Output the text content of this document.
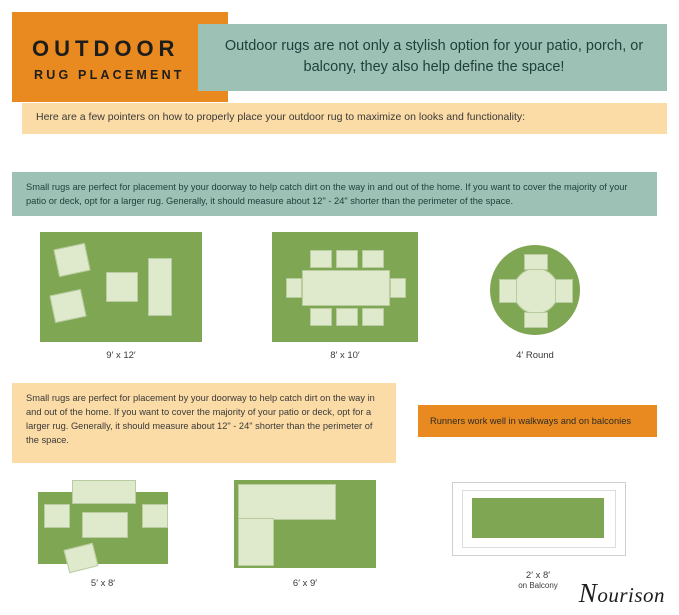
OUTDOOR
RUG PLACEMENT

Outdoor rugs are not only a stylish option for your patio, porch, or balcony, they also help define the space!

Here are a few pointers on how to properly place your outdoor rug to maximize on looks and functionality:

Small rugs are perfect for placement by your doorway to help catch dirt on the way in and out of the home. If you want to cover the majority of your patio or deck, opt for a larger rug. Generally, it should measure about 12" - 24" shorter than the perimeter of the space.

9′ x 12′	8′ x 10′	4′ Round

Small rugs are perfect for placement by your doorway to help catch dirt on the way in and out of the home. If you want to cover the majority of your patio or deck, opt for a larger rug. Generally, it should measure about 12" - 24" shorter than the perimeter of the space.

Runners work well in walkways and on balconies

5′ x 8′	6′ x 9′
2′ x 8′
on Balcony Nourison
